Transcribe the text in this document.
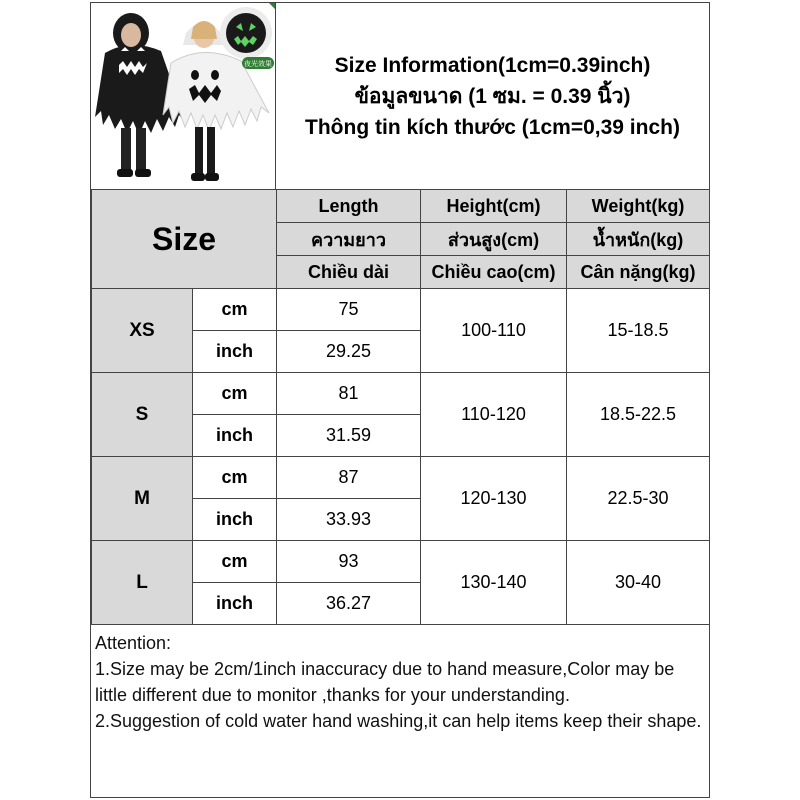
夜光效果	Size Information(1cm=0.39inch)
ข้อมูลขนาด (1 ซม. = 0.39 นิ้ว)
Thông tin kích thước (1cm=0,39 inch)
Size		Length	Height(cm)	Weight(kg)
		ความยาว	ส่วนสูง(cm)	น้ำหนัก(kg)
		Chiều dài	Chiều cao(cm)	Cân nặng(kg)
XS	cm	75	100-110	15-18.5
	inch	29.25		
S	cm	81	110-120	18.5-22.5
	inch	31.59		
M	cm	87	120-130	22.5-30
	inch	33.93		
L	cm	93	130-140	30-40
	inch	36.27		
Attention:
1.Size may be 2cm/1inch inaccuracy due to hand measure,Color may be little different due to monitor ,thanks for your understanding.
2.Suggestion of cold water hand washing,it can help items keep their shape.
